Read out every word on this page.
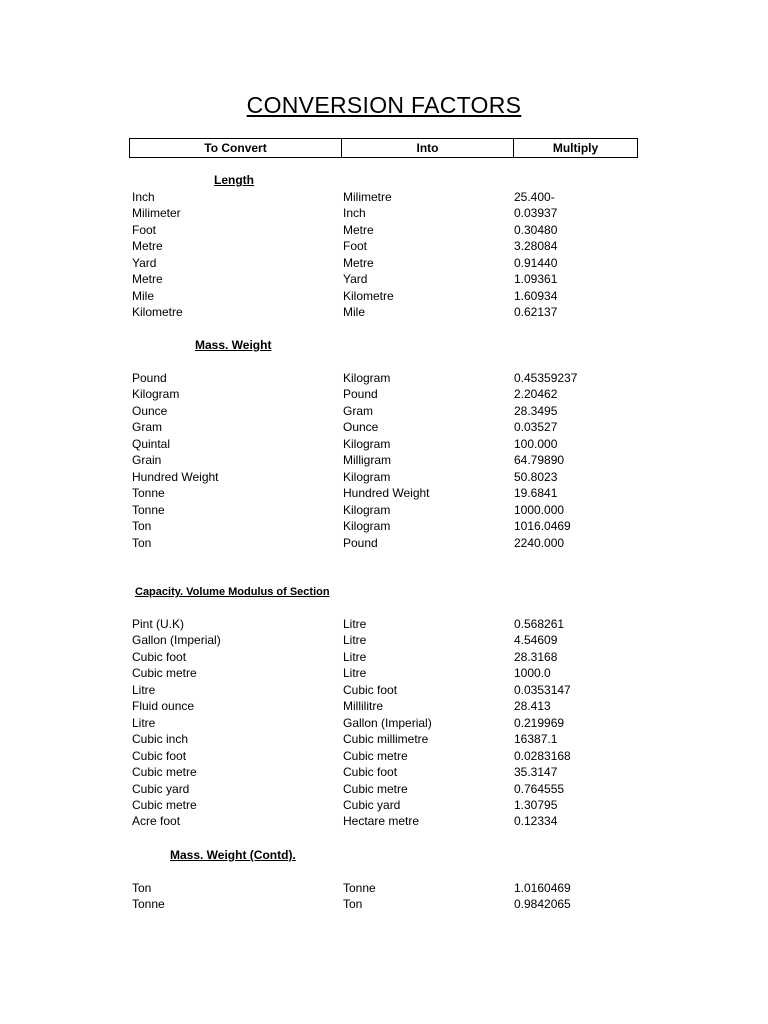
CONVERSION FACTORS
To Convert	Into	Multiply
Length
Inch	Milimetre	25.400-
Milimeter	Inch	0.03937
Foot	Metre	0.30480
Metre	Foot	3.28084
Yard	Metre	0.91440
Metre	Yard	1.09361
Mile	Kilometre	1.60934
Kilometre	Mile	0.62137
Mass. Weight
Pound	Kilogram	0.45359237
Kilogram	Pound	2.20462
Ounce	Gram	28.3495
Gram	Ounce	0.03527
Quintal	Kilogram	100.000
Grain	Milligram	64.79890
Hundred Weight	Kilogram	50.8023
Tonne	Hundred Weight	19.6841
Tonne	Kilogram	1000.000
Ton	Kilogram	1016.0469
Ton	Pound	2240.000
Capacity. Volume Modulus of Section
Pint (U.K)	Litre	0.568261
Gallon (Imperial)	Litre	4.54609
Cubic foot	Litre	28.3168
Cubic metre	Litre	1000.0
Litre	Cubic foot	0.0353147
Fluid ounce	Millilitre	28.413
Litre	Gallon (Imperial)	0.219969
Cubic inch	Cubic millimetre	16387.1
Cubic foot	Cubic metre	0.0283168
Cubic metre	Cubic foot	35.3147
Cubic yard	Cubic metre	0.764555
Cubic metre	Cubic yard	1.30795
Acre foot	Hectare metre	0.12334
Mass. Weight (Contd).
Ton	Tonne	1.0160469
Tonne	Ton	0.9842065
